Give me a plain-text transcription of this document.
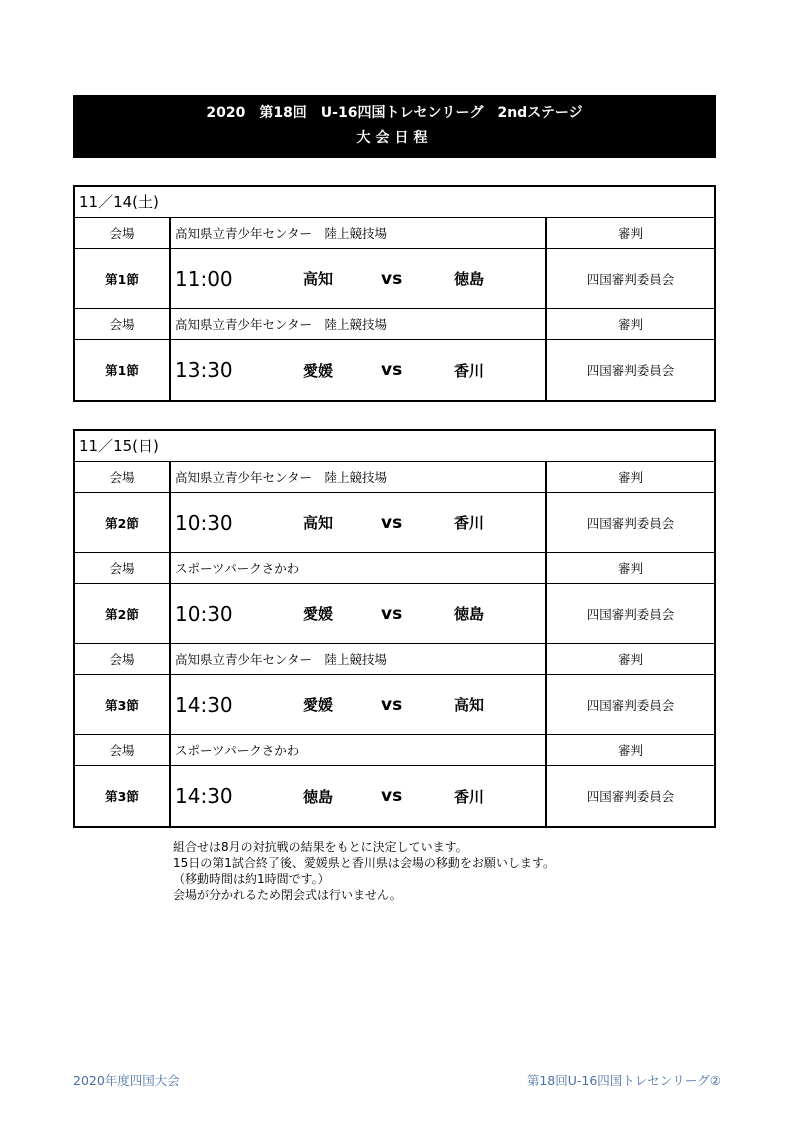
2020　第18回　U-16四国トレセンリーグ　2ndステージ
大会日程
11／14(土)
会場	高知県立青少年センター　陸上競技場	審判
第1節	11:00	高知	vs	徳島	四国審判委員会
会場	高知県立青少年センター　陸上競技場	審判
第1節	13:30	愛媛	vs	香川	四国審判委員会
11／15(日)
会場	高知県立青少年センター　陸上競技場	審判
第2節	10:30	高知	vs	香川	四国審判委員会
会場	スポーツパークさかわ	審判
第2節	10:30	愛媛	vs	徳島	四国審判委員会
会場	高知県立青少年センター　陸上競技場	審判
第3節	14:30	愛媛	vs	高知	四国審判委員会
会場	スポーツパークさかわ	審判
第3節	14:30	徳島	vs	香川	四国審判委員会
組合せは8月の対抗戦の結果をもとに決定しています。
15日の第1試合終了後、愛媛県と香川県は会場の移動をお願いします。
（移動時間は約1時間です。）
会場が分かれるため閉会式は行いません。
2020年度四国大会	第18回U-16四国トレセンリーグ②
